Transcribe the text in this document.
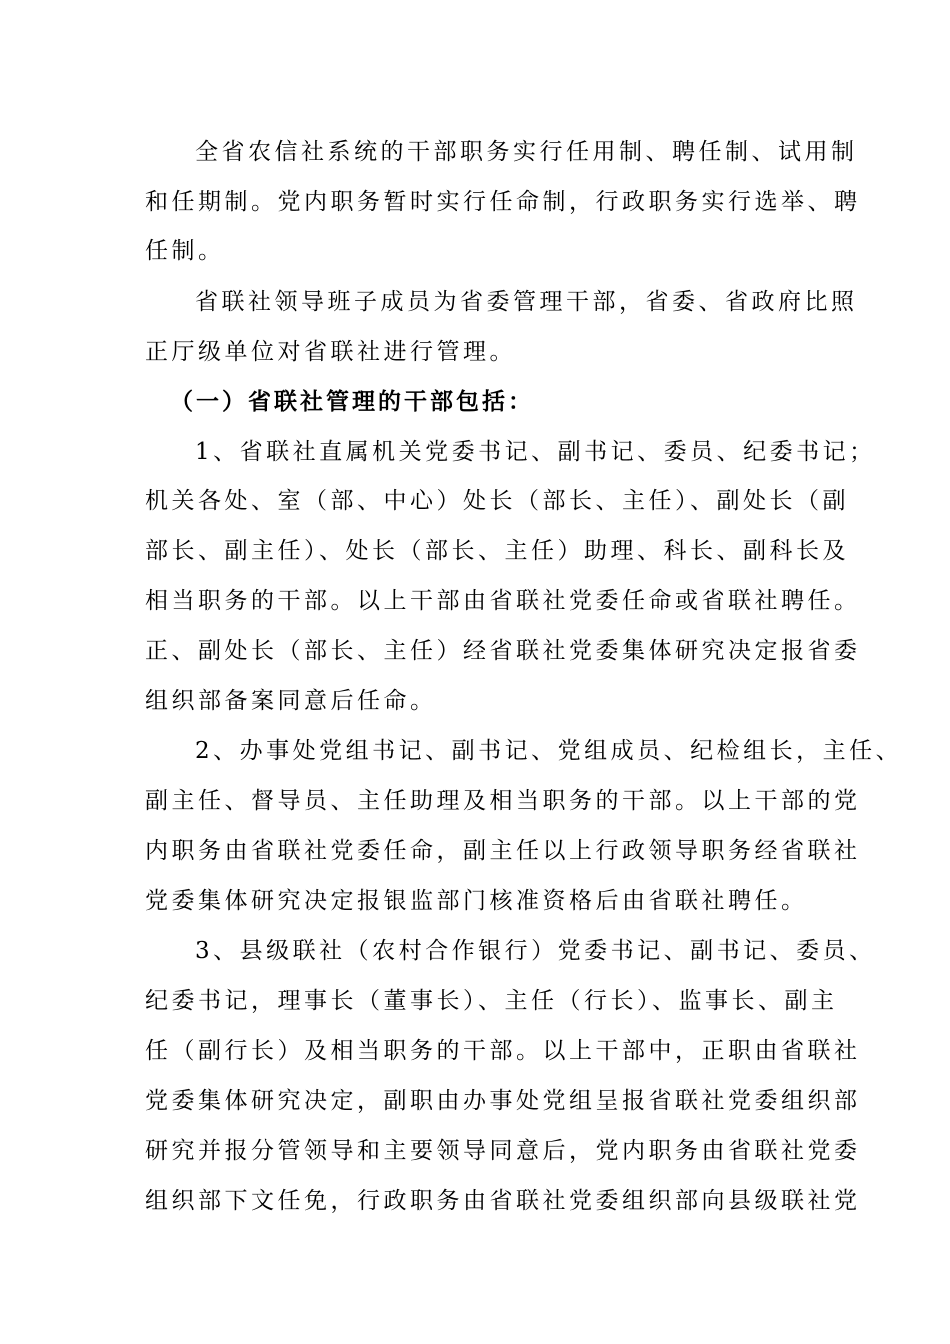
全省农信社系统的干部职务实行任用制、聘任制、试用制
和任期制。党内职务暂时实行任命制，行政职务实行选举、聘
任制。
省联社领导班子成员为省委管理干部，省委、省政府比照
正厅级单位对省联社进行管理。
（一）省联社管理的干部包括：
1、省联社直属机关党委书记、副书记、委员、纪委书记；
机关各处、室（部、中心）处长（部长、主任）、副处长（副
部长、副主任）、处长（部长、主任）助理、科长、副科长及
相当职务的干部。以上干部由省联社党委任命或省联社聘任。
正、副处长（部长、主任）经省联社党委集体研究决定报省委
组织部备案同意后任命。
2、办事处党组书记、副书记、党组成员、纪检组长，主任、
副主任、督导员、主任助理及相当职务的干部。以上干部的党
内职务由省联社党委任命，副主任以上行政领导职务经省联社
党委集体研究决定报银监部门核准资格后由省联社聘任。
3、县级联社（农村合作银行）党委书记、副书记、委员、
纪委书记，理事长（董事长）、主任（行长）、监事长、副主
任（副行长）及相当职务的干部。以上干部中，正职由省联社
党委集体研究决定，副职由办事处党组呈报省联社党委组织部
研究并报分管领导和主要领导同意后，党内职务由省联社党委
组织部下文任免，行政职务由省联社党委组织部向县级联社党
